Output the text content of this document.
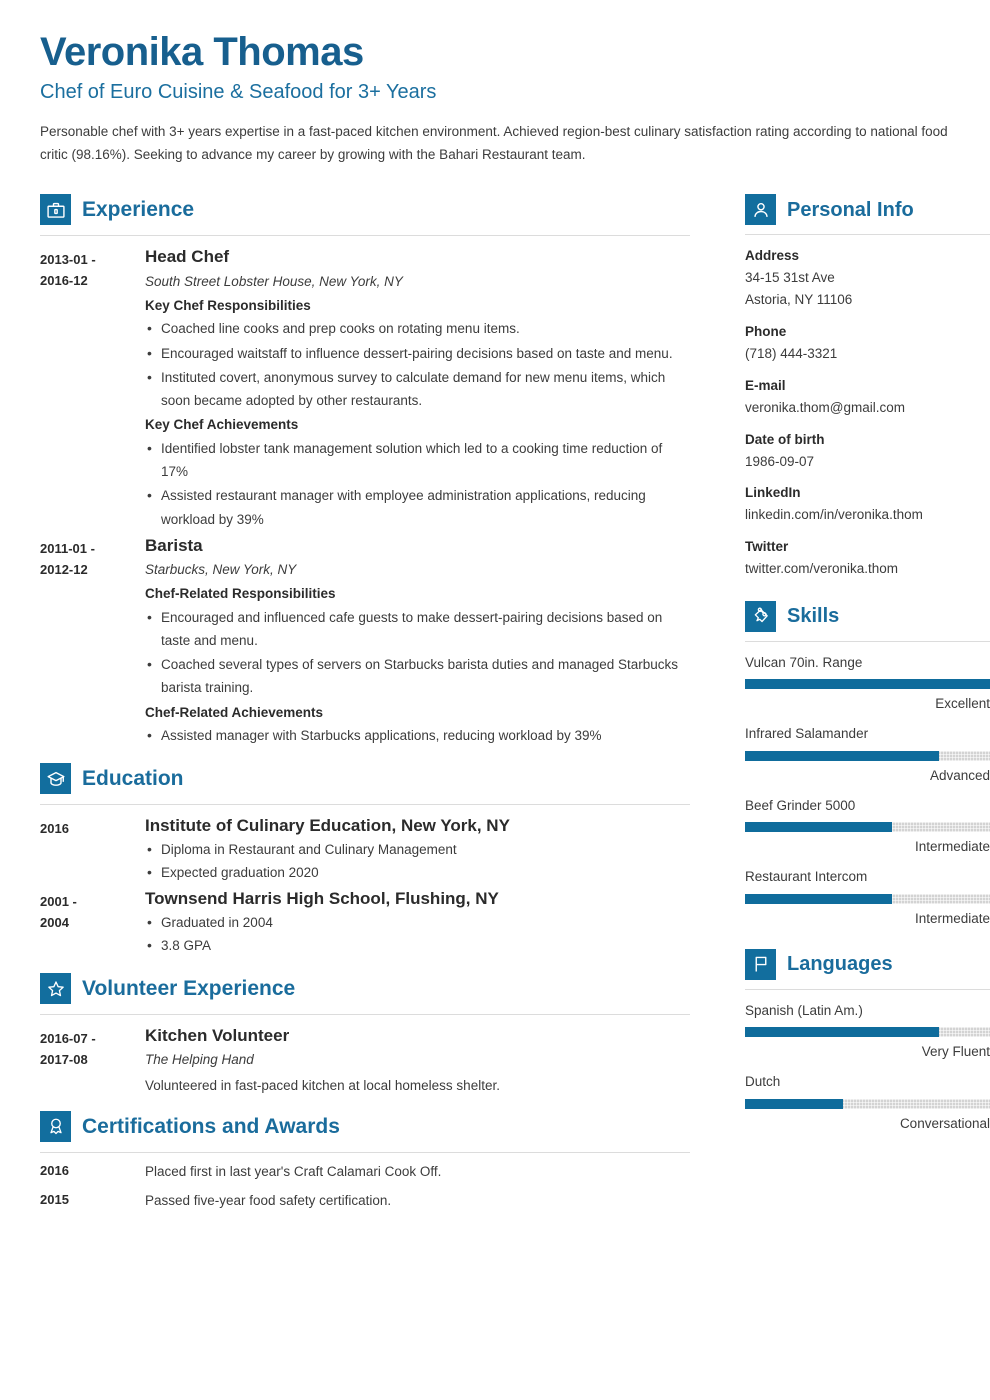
Veronika Thomas
Chef of Euro Cuisine & Seafood for 3+ Years
Personable chef with 3+ years expertise in a fast-paced kitchen environment. Achieved region-best culinary satisfaction rating according to national food critic (98.16%). Seeking to advance my career by growing with the Bahari Restaurant team.
Experience
2013-01 -
2016-12
Head Chef
South Street Lobster House, New York, NY
Key Chef Responsibilities
• Coached line cooks and prep cooks on rotating menu items.
• Encouraged waitstaff to influence dessert-pairing decisions based on taste and menu.
• Instituted covert, anonymous survey to calculate demand for new menu items, which soon became adopted by other restaurants.
Key Chef Achievements
• Identified lobster tank management solution which led to a cooking time reduction of 17%
• Assisted restaurant manager with employee administration applications, reducing workload by 39%
2011-01 -
2012-12
Barista
Starbucks, New York, NY
Chef-Related Responsibilities
• Encouraged and influenced cafe guests to make dessert-pairing decisions based on taste and menu.
• Coached several types of servers on Starbucks barista duties and managed Starbucks barista training.
Chef-Related Achievements
• Assisted manager with Starbucks applications, reducing workload by 39%
Education
2016	Institute of Culinary Education, New York, NY
• Diploma in Restaurant and Culinary Management
• Expected graduation 2020
2001 -
2004
Townsend Harris High School, Flushing, NY
• Graduated in 2004
• 3.8 GPA
Volunteer Experience
2016-07 -
2017-08
Kitchen Volunteer
The Helping Hand
Volunteered in fast-paced kitchen at local homeless shelter.
Certifications and Awards
2016	Placed first in last year's Craft Calamari Cook Off.
2015	Passed five-year food safety certification.
Personal Info
Address
34-15 31st Ave
Astoria, NY 11106
Phone
(718) 444-3321
E-mail
veronika.thom@gmail.com
Date of birth
1986-09-07
LinkedIn
linkedin.com/in/veronika.thom
Twitter
twitter.com/veronika.thom
Skills
Vulcan 70in. Range
Excellent
Infrared Salamander
Advanced
Beef Grinder 5000
Intermediate
Restaurant Intercom
Intermediate
Languages
Spanish (Latin Am.)
Very Fluent
Dutch
Conversational
